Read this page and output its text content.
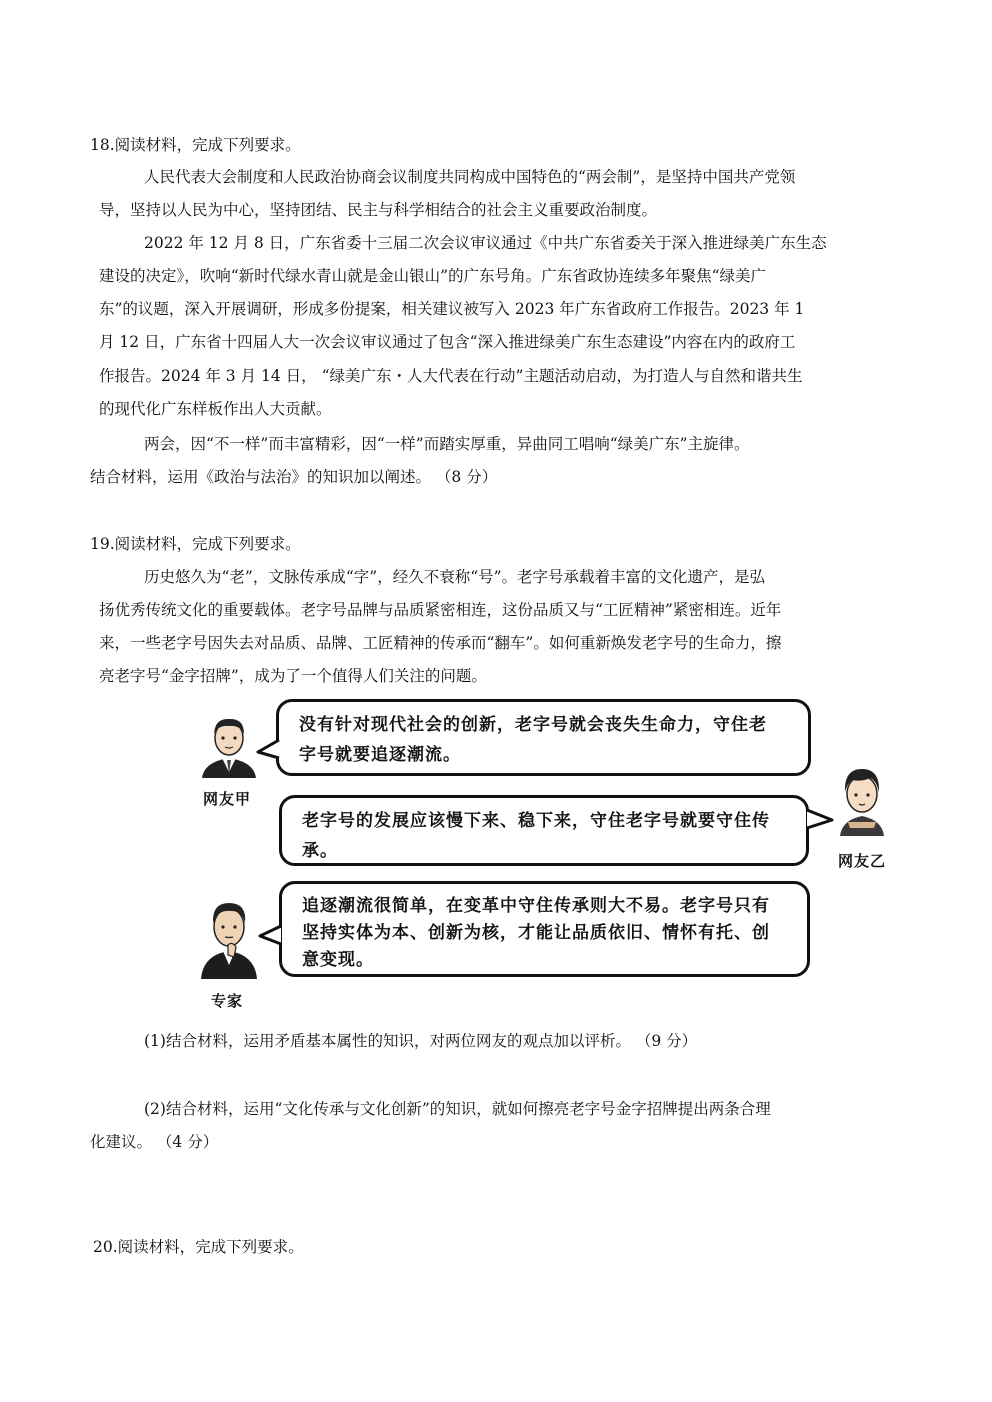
18.阅读材料，完成下列要求。
人民代表大会制度和人民政治协商会议制度共同构成中国特色的“两会制”，是坚持中国共产党领
导，坚持以人民为中心，坚持团结、民主与科学相结合的社会主义重要政治制度。
2022 年 12 月 8 日，广东省委十三届二次会议审议通过《中共广东省委关于深入推进绿美广东生态
建设的决定》，吹响“新时代绿水青山就是金山银山”的广东号角。广东省政协连续多年聚焦“绿美广
东”的议题，深入开展调研，形成多份提案，相关建议被写入 2023 年广东省政府工作报告。2023 年 1
月 12 日，广东省十四届人大一次会议审议通过了包含“深入推进绿美广东生态建设”内容在内的政府工
作报告。2024 年 3 月 14 日， “绿美广东・人大代表在行动”主题活动启动，为打造人与自然和谐共生
的现代化广东样板作出人大贡献。
两会，因“不一样”而丰富精彩，因“一样”而踏实厚重，异曲同工唱响“绿美广东”主旋律。
结合材料，运用《政治与法治》的知识加以阐述。 （8 分）
19.阅读材料，完成下列要求。
历史悠久为“老”，文脉传承成“字”，经久不衰称“号”。老字号承载着丰富的文化遗产，是弘
扬优秀传统文化的重要载体。老字号品牌与品质紧密相连，这份品质又与“工匠精神”紧密相连。近年
来，一些老字号因失去对品质、品牌、工匠精神的传承而“翻车”。如何重新焕发老字号的生命力，擦
亮老字号“金字招牌”，成为了一个值得人们关注的问题。
网友甲
没有针对现代社会的创新，老字号就会丧失生命力，守住老
字号就要追逐潮流。
网友乙
老字号的发展应该慢下来、稳下来，守住老字号就要守住传
承。
专家
追逐潮流很简单，在变革中守住传承则大不易。老字号只有
坚持实体为本、创新为核，才能让品质依旧、情怀有托、创
意变现。
(1)结合材料，运用矛盾基本属性的知识，对两位网友的观点加以评析。 （9 分）
(2)结合材料，运用“文化传承与文化创新”的知识，就如何擦亮老字号金字招牌提出两条合理
化建议。 （4 分）
20.阅读材料，完成下列要求。
